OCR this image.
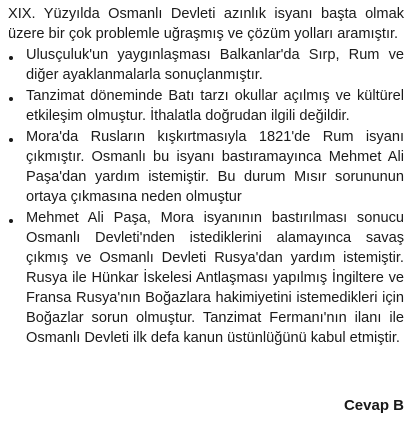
XIX. Yüzyılda Osmanlı Devleti azınlık isyanı başta olmak üzere bir çok problemle uğraşmış ve çözüm yolları aramıştır.

Ulusçuluk'un yaygınlaşması Balkanlar'da Sırp, Rum ve diğer ayaklanmalarla sonuçlanmıştır.

Tanzimat döneminde Batı tarzı okullar açılmış ve kültürel etkileşim olmuştur. İthalatla doğrudan ilgili değildir.

Mora'da Rusların kışkırtmasıyla 1821'de Rum isyanı çıkmıştır. Osmanlı bu isyanı bastıramayınca Mehmet Ali Paşa'dan yardım istemiştir. Bu durum Mısır sorununun ortaya çıkmasına neden olmuştur

Mehmet Ali Paşa, Mora isyanının bastırılması sonucu Osmanlı Devleti'nden istediklerini alamayınca savaş çıkmış ve Osmanlı Devleti Rusya'dan yardım istemiştir. Rusya ile Hünkar İskelesi Antlaşması yapılmış İngiltere ve Fransa Rusya'nın Boğazlara hakimiyetini istemedikleri için Boğazlar sorun olmuştur. Tanzimat Fermanı'nın ilanı ile Osmanlı Devleti ilk defa kanun üstünlüğünü kabul etmiştir.

Cevap B
